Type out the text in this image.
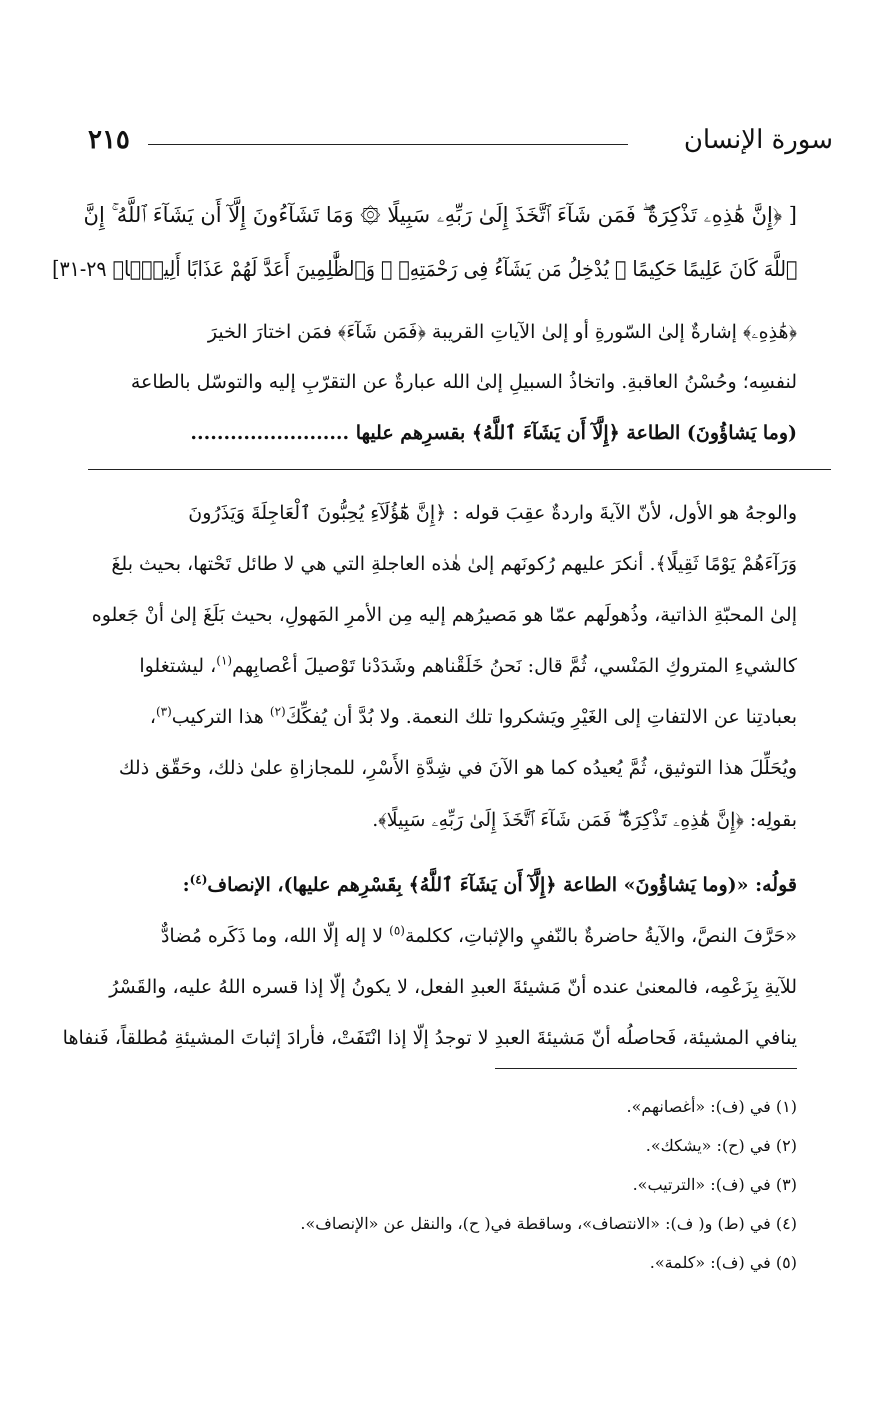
سورة الإنسان
٢١٥
[ ﴿إِنَّ هَٰذِهِۦ تَذْكِرَةٌ ۖ فَمَن شَآءَ ٱتَّخَذَ إِلَىٰ رَبِّهِۦ سَبِيلًا ۞ وَمَا تَشَآءُونَ إِلَّآ أَن يَشَآءَ ٱللَّهُ ۚ إِنَّ
ٱللَّهَ كَانَ عَلِيمًا حَكِيمًا ۞ يُدْخِلُ مَن يَشَآءُ فِى رَحْمَتِهِۦ ۚ وَٱلظَّٰلِمِينَ أَعَدَّ لَهُمْ عَذَابًا أَلِيمًۢا﴾ ٢٩-٣١]
﴿هَٰذِهِۦ﴾ إشارةٌ إلىٰ السّورةِ أو إلىٰ الآياتِ القريبة ﴿فَمَن شَآءَ﴾ فمَن اختارَ الخيرَ
لنفسِه؛ وحُسْنُ العاقبةِ. واتخاذُ السبيلِ إلىٰ الله عبارةٌ عن التقرّبِ إليه والتوسّل بالطاعة
(وما يَشاؤُونَ) الطاعة ﴿إِلَّآ أَن يَشَآءَ ٱللَّهُ﴾ بقسرِهم عليها ........................
والوجهُ هو الأول، لأنّ الآيةَ واردةٌ عقِبَ قوله : ﴿إِنَّ هَٰٓؤُلَآءِ يُحِبُّونَ ٱلْعَاجِلَةَ وَيَذَرُونَ
وَرَآءَهُمْ يَوْمًا ثَقِيلًا﴾. أنكرَ عليهم رُكونَهم إلىٰ هٰذه العاجلةِ التي هي لا طائل تَحْتها، بحيث بلغَ
إلىٰ المحبّةِ الذاتية، وذُهولَهم عمّا هو مَصيرُهم إليه مِن الأمرِ المَهولِ، بحيث بَلَغَ إلىٰ أنْ جَعلوه
كالشيءِ المتروكِ المَنْسي، ثُمَّ قال: نَحنُ خَلَقْناهم وشَدَدْنا تَوْصيلَ أعْصابِهم$^{(١)}$، ليشتغلوا
بعبادتِنا عن الالتفاتِ إلى الغَيْرِ ويَشكروا تلك النعمة. ولا بُدَّ أن يُفكِّكَ$^{(٢)}$ هذا التركيب$^{(٣)}$،
ويُحَلِّلَ هذا التوثيق، ثُمَّ يُعيدُه كما هو الآنَ في شِدَّةِ الأَسْرِ، للمجازاةِ علىٰ ذلك، وحَقّق ذلك
بقولِه: ﴿إِنَّ هَٰذِهِۦ تَذْكِرَةٌ ۖ فَمَن شَآءَ ٱتَّخَذَ إِلَىٰ رَبِّهِۦ سَبِيلًا﴾.
قولُه: «(وما يَشاؤُونَ» الطاعة ﴿إِلَّآ أَن يَشَآءَ ٱللَّهُ﴾ بِقَسْرِهم عليها)، الإنصاف$^{(٤)}$:
«حَرَّفَ النصَّ، والآيةُ حاضرةٌ بالنّفيِ والإثباتِ، ككلمة$^{(٥)}$ لا إله إلّا الله، وما ذَكَره مُضادٌّ
للآيةِ بِزَعْمِه، فالمعنىٰ عنده أنّ مَشيئةَ العبدِ الفعل، لا يكونُ إلّا إذا قسره اللهُ عليه، والقَسْرُ
ينافي المشيئة، فَحاصلُه أنّ مَشيئةَ العبدِ لا توجدُ إلّا إذا انْتَفَتْ، فأرادَ إثباتَ المشيئةِ مُطلقاً، فَنفاها
(١) في (ف): «أغصانهم».
(٢) في (ح): «يشكك».
(٣) في (ف): «الترتيب».
(٤) في (ط) و( ف): «الانتصاف»، وساقطة في( ح)، والنقل عن «الإنصاف».
(٥) في (ف): «كلمة».
